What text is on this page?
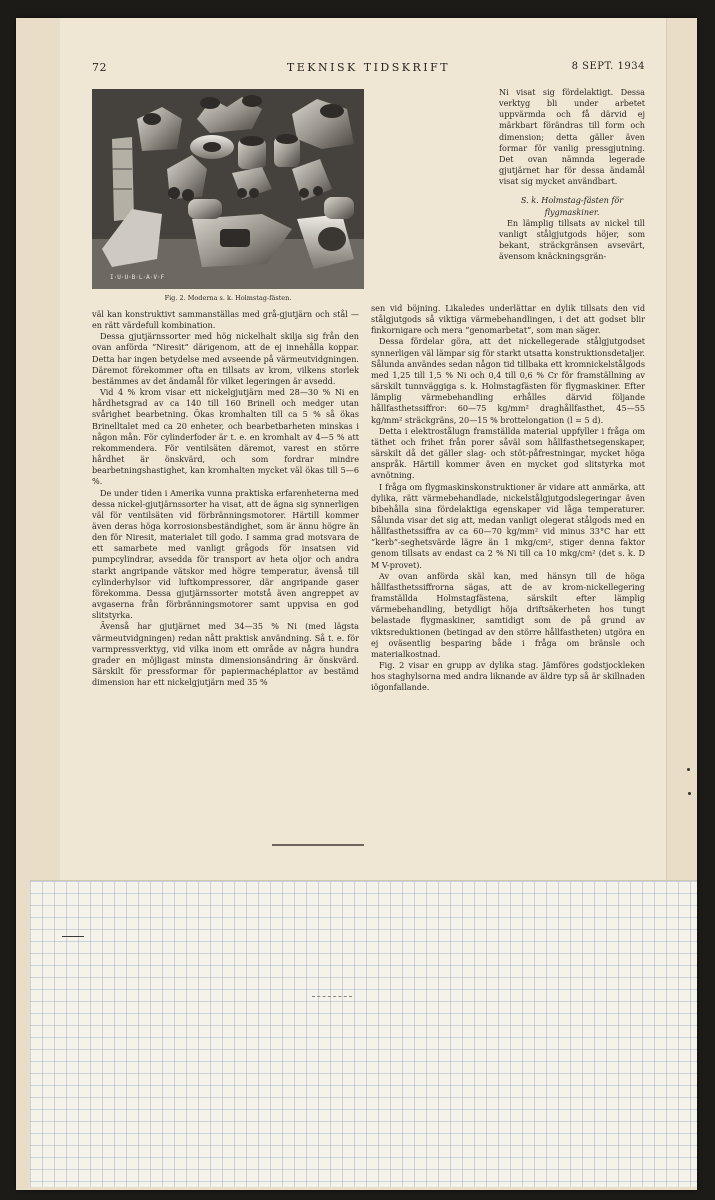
72	TEKNISK TIDSKRIFT	8 SEPT. 1934
I·U·U·B·L·A·V·F
Fig. 2. Moderna s. k. Holmstag-fästen.

Ni visat sig fördelaktigt. Dessa verktyg bli under arbetet uppvärmda och få därvid ej märkbart förändras till form och dimension; detta gäller även formar för vanlig pressgjutning. Det ovan nämnda legerade gjutjärnet har för dessa ändamål visat sig mycket användbart.

S. k. Holmstag-fästen för

flygmaskiner.

En lämplig tillsats av nickel till vanligt stålgjutgods höjer, som bekant, sträckgränsen avsevärt, ävensom knäckningsgrän-

väl kan konstruktivt sammanställas med grå-gjutjärn och stål — en rätt värdefull kombination.

Dessa gjutjärnssorter med hög nickelhalt skilja sig från den ovan anförda ”Niresit” därigenom, att de ej innehålla koppar. Detta har ingen betydelse med avseende på värmeutvidgningen. Däremot förekommer ofta en tillsats av krom, vilkens storlek bestämmes av det ändamål för vilket legeringen är avsedd.

Vid 4 % krom visar ett nickelgjutjärn med 28—30 % Ni en hårdhetsgrad av ca 140 till 160 Brinell och medger utan svårighet bearbetning. Ökas kromhalten till ca 5 % så ökas Brinelltalet med ca 20 enheter, och bearbetbarheten minskas i någon mån. För cylinderfoder är t. e. en kromhalt av 4—5 % att rekommendera. För ventilsäten däremot, varest en större hårdhet är önskvärd, och som fordrar mindre bearbetningshastighet, kan kromhalten mycket väl ökas till 5—6 %.

De under tiden i Amerika vunna praktiska erfarenheterna med dessa nickel-gjutjärnssorter ha visat, att de ägna sig synnerligen väl för ventilsäten vid förbränningsmotorer. Härtill kommer även deras höga korrosionsbeständighet, som är ännu högre än den för Niresit, materialet till godo. I samma grad motsvara de ett samarbete med vanligt grågods för insatsen vid pumpcylindrar, avsedda för transport av heta oljor och andra starkt angripande vätskor med högre temperatur, ävenså till cylinderhylsor vid luftkompressorer, där angripande gaser förekomma. Dessa gjutjärnssorter motstå även angreppet av avgaserna från förbränningsmotorer samt uppvisa en god slitstyrka.

Ävenså har gjutjärnet med 34—35 % Ni (med lägsta värmeutvidgningen) redan nått praktisk användning. Så t. e. för varmpressverktyg, vid vilka inom ett område av några hundra grader en möjligast minsta dimensionsändring är önskvärd. Särskilt för pressformar för papiermachéplattor av bestämd dimension har ett nickelgjutjärn med 35 %

sen vid böjning. Likaledes underlättar en dylik tillsats den vid stålgjutgods så viktiga värmebehandlingen, i det att godset blir finkornigare och mera ”genomarbetat”, som man säger.

Dessa fördelar göra, att det nickellegerade stålgjutgodset synnerligen väl lämpar sig för starkt utsatta konstruktionsdetaljer. Sålunda användes sedan någon tid tillbaka ett kromnickelstålgods med 1,25 till 1,5 % Ni och 0,4 till 0,6 % Cr för framställning av särskilt tunnväggiga s. k. Holmstagfästen för flygmaskiner. Efter lämplig värmebehandling erhålles därvid följande hållfasthetssiffror: 60—75 kg/mm² draghållfasthet, 45—55 kg/mm² sträckgräns, 20—15 % brottelongation (l = 5 d).

Detta i elektrostålugn framställda material uppfyller i fråga om täthet och frihet från porer såväl som hållfasthetsegenskaper, särskilt då det gäller slag- och stöt-påfrestningar, mycket höga anspråk. Härtill kommer även en mycket god slitstyrka mot avnötning.

I fråga om flygmaskinskonstruktioner är vidare att anmärka, att dylika, rätt värmebehandlade, nickelstålgjutgodslegeringar även bibehålla sina fördelaktiga egenskaper vid låga temperaturer. Sålunda visar det sig att, medan vanligt olegerat stålgods med en hållfasthetssiffra av ca 60—70 kg/mm² vid minus 33°C har ett ”kerb”-seghetsvärde lägre än 1 mkg/cm², stiger denna faktor genom tillsats av endast ca 2 % Ni till ca 10 mkg/cm² (det s. k. D M V-provet).

Av ovan anförda skäl kan, med hänsyn till de höga hållfasthetssiffrorna sägas, att de av krom-nickellegering framställda Holmstagfästena, särskilt efter lämplig värmebehandling, betydligt höja driftsäkerheten hos tungt belastade flygmaskiner, samtidigt som de på grund av viktsreduktionen (betingad av den större hållfastheten) utgöra en ej oväsentlig besparing både i fråga om bränsle och materialkostnad.

Fig. 2 visar en grupp av dylika stag. Jämföres godstjockleken hos staghylsorna med andra liknande av äldre typ så är skillnaden iögonfallande.
